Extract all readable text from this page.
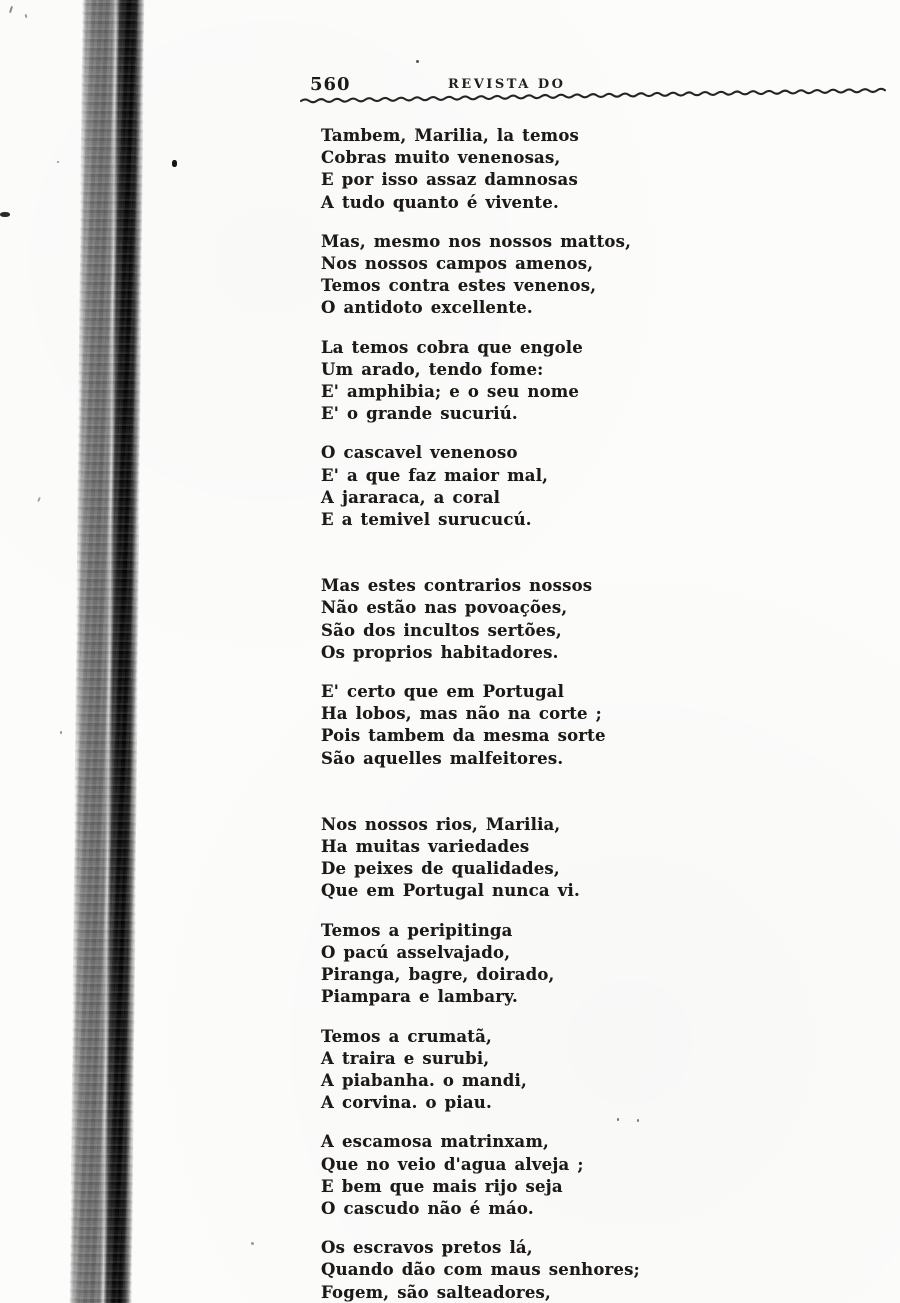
560	REVISTA DO
Tambem, Marilia, la temos
Cobras muito venenosas,
E por isso assaz damnosas
A tudo quanto é vivente.
Mas, mesmo nos nossos mattos,
Nos nossos campos amenos,
Temos contra estes venenos,
O antidoto excellente.
La temos cobra que engole
Um arado, tendo fome:
E' amphibia; e o seu nome
E' o grande sucuriú.
O cascavel venenoso
E' a que faz maior mal,
A jararaca, a coral
E a temivel surucucú.
Mas estes contrarios nossos
Não estão nas povoações,
São dos incultos sertões,
Os proprios habitadores.
E' certo que em Portugal
Ha lobos, mas não na corte ;
Pois tambem da mesma sorte
São aquelles malfeitores.
Nos nossos rios, Marilia,
Ha muitas variedades
De peixes de qualidades,
Que em Portugal nunca vi.
Temos a peripitinga
O pacú asselvajado,
Piranga, bagre, doirado,
Piampara e lambary.
Temos a crumatã,
A traira e surubi,
A piabanha. o mandi,
A corvina. o piau.
A escamosa matrinxam,
Que no veio d'agua alveja ;
E bem que mais rijo seja
O cascudo não é máo.
Os escravos pretos lá,
Quando dão com maus senhores;
Fogem, são salteadores,
